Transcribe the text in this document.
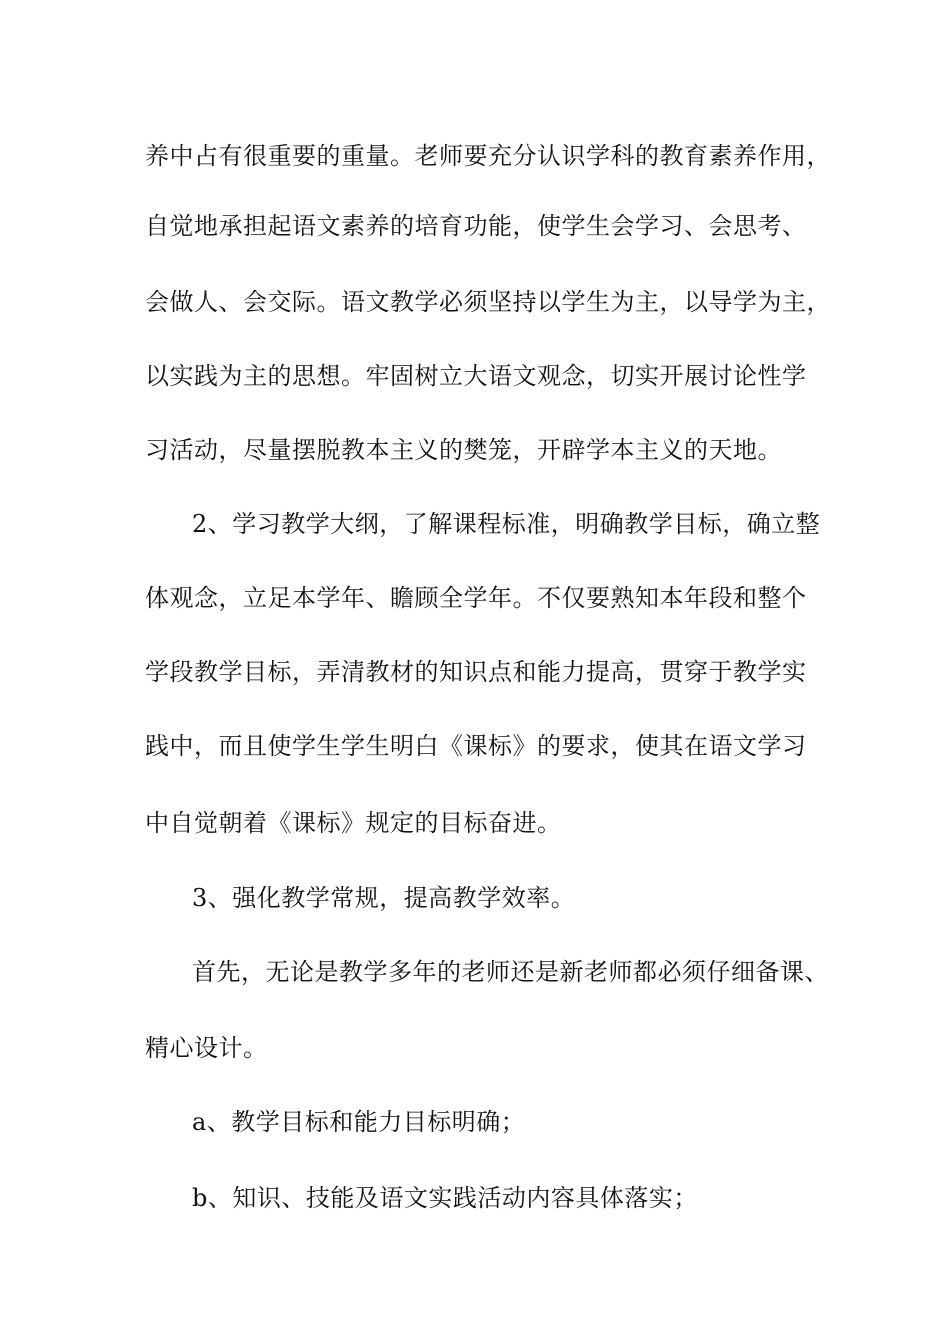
养中占有很重要的重量。老师要充分认识学科的教育素养作用，
自觉地承担起语文素养的培育功能，使学生会学习、会思考、
会做人、会交际。语文教学必须坚持以学生为主，以导学为主，
以实践为主的思想。牢固树立大语文观念，切实开展讨论性学
习活动，尽量摆脱教本主义的樊笼，开辟学本主义的天地。
2、学习教学大纲，了解课程标准，明确教学目标，确立整
体观念，立足本学年、瞻顾全学年。不仅要熟知本年段和整个
学段教学目标，弄清教材的知识点和能力提高，贯穿于教学实
践中，而且使学生学生明白《课标》的要求，使其在语文学习
中自觉朝着《课标》规定的目标奋进。
3、强化教学常规，提高教学效率。
首先，无论是教学多年的老师还是新老师都必须仔细备课、
精心设计。
a、教学目标和能力目标明确；
b、知识、技能及语文实践活动内容具体落实；
